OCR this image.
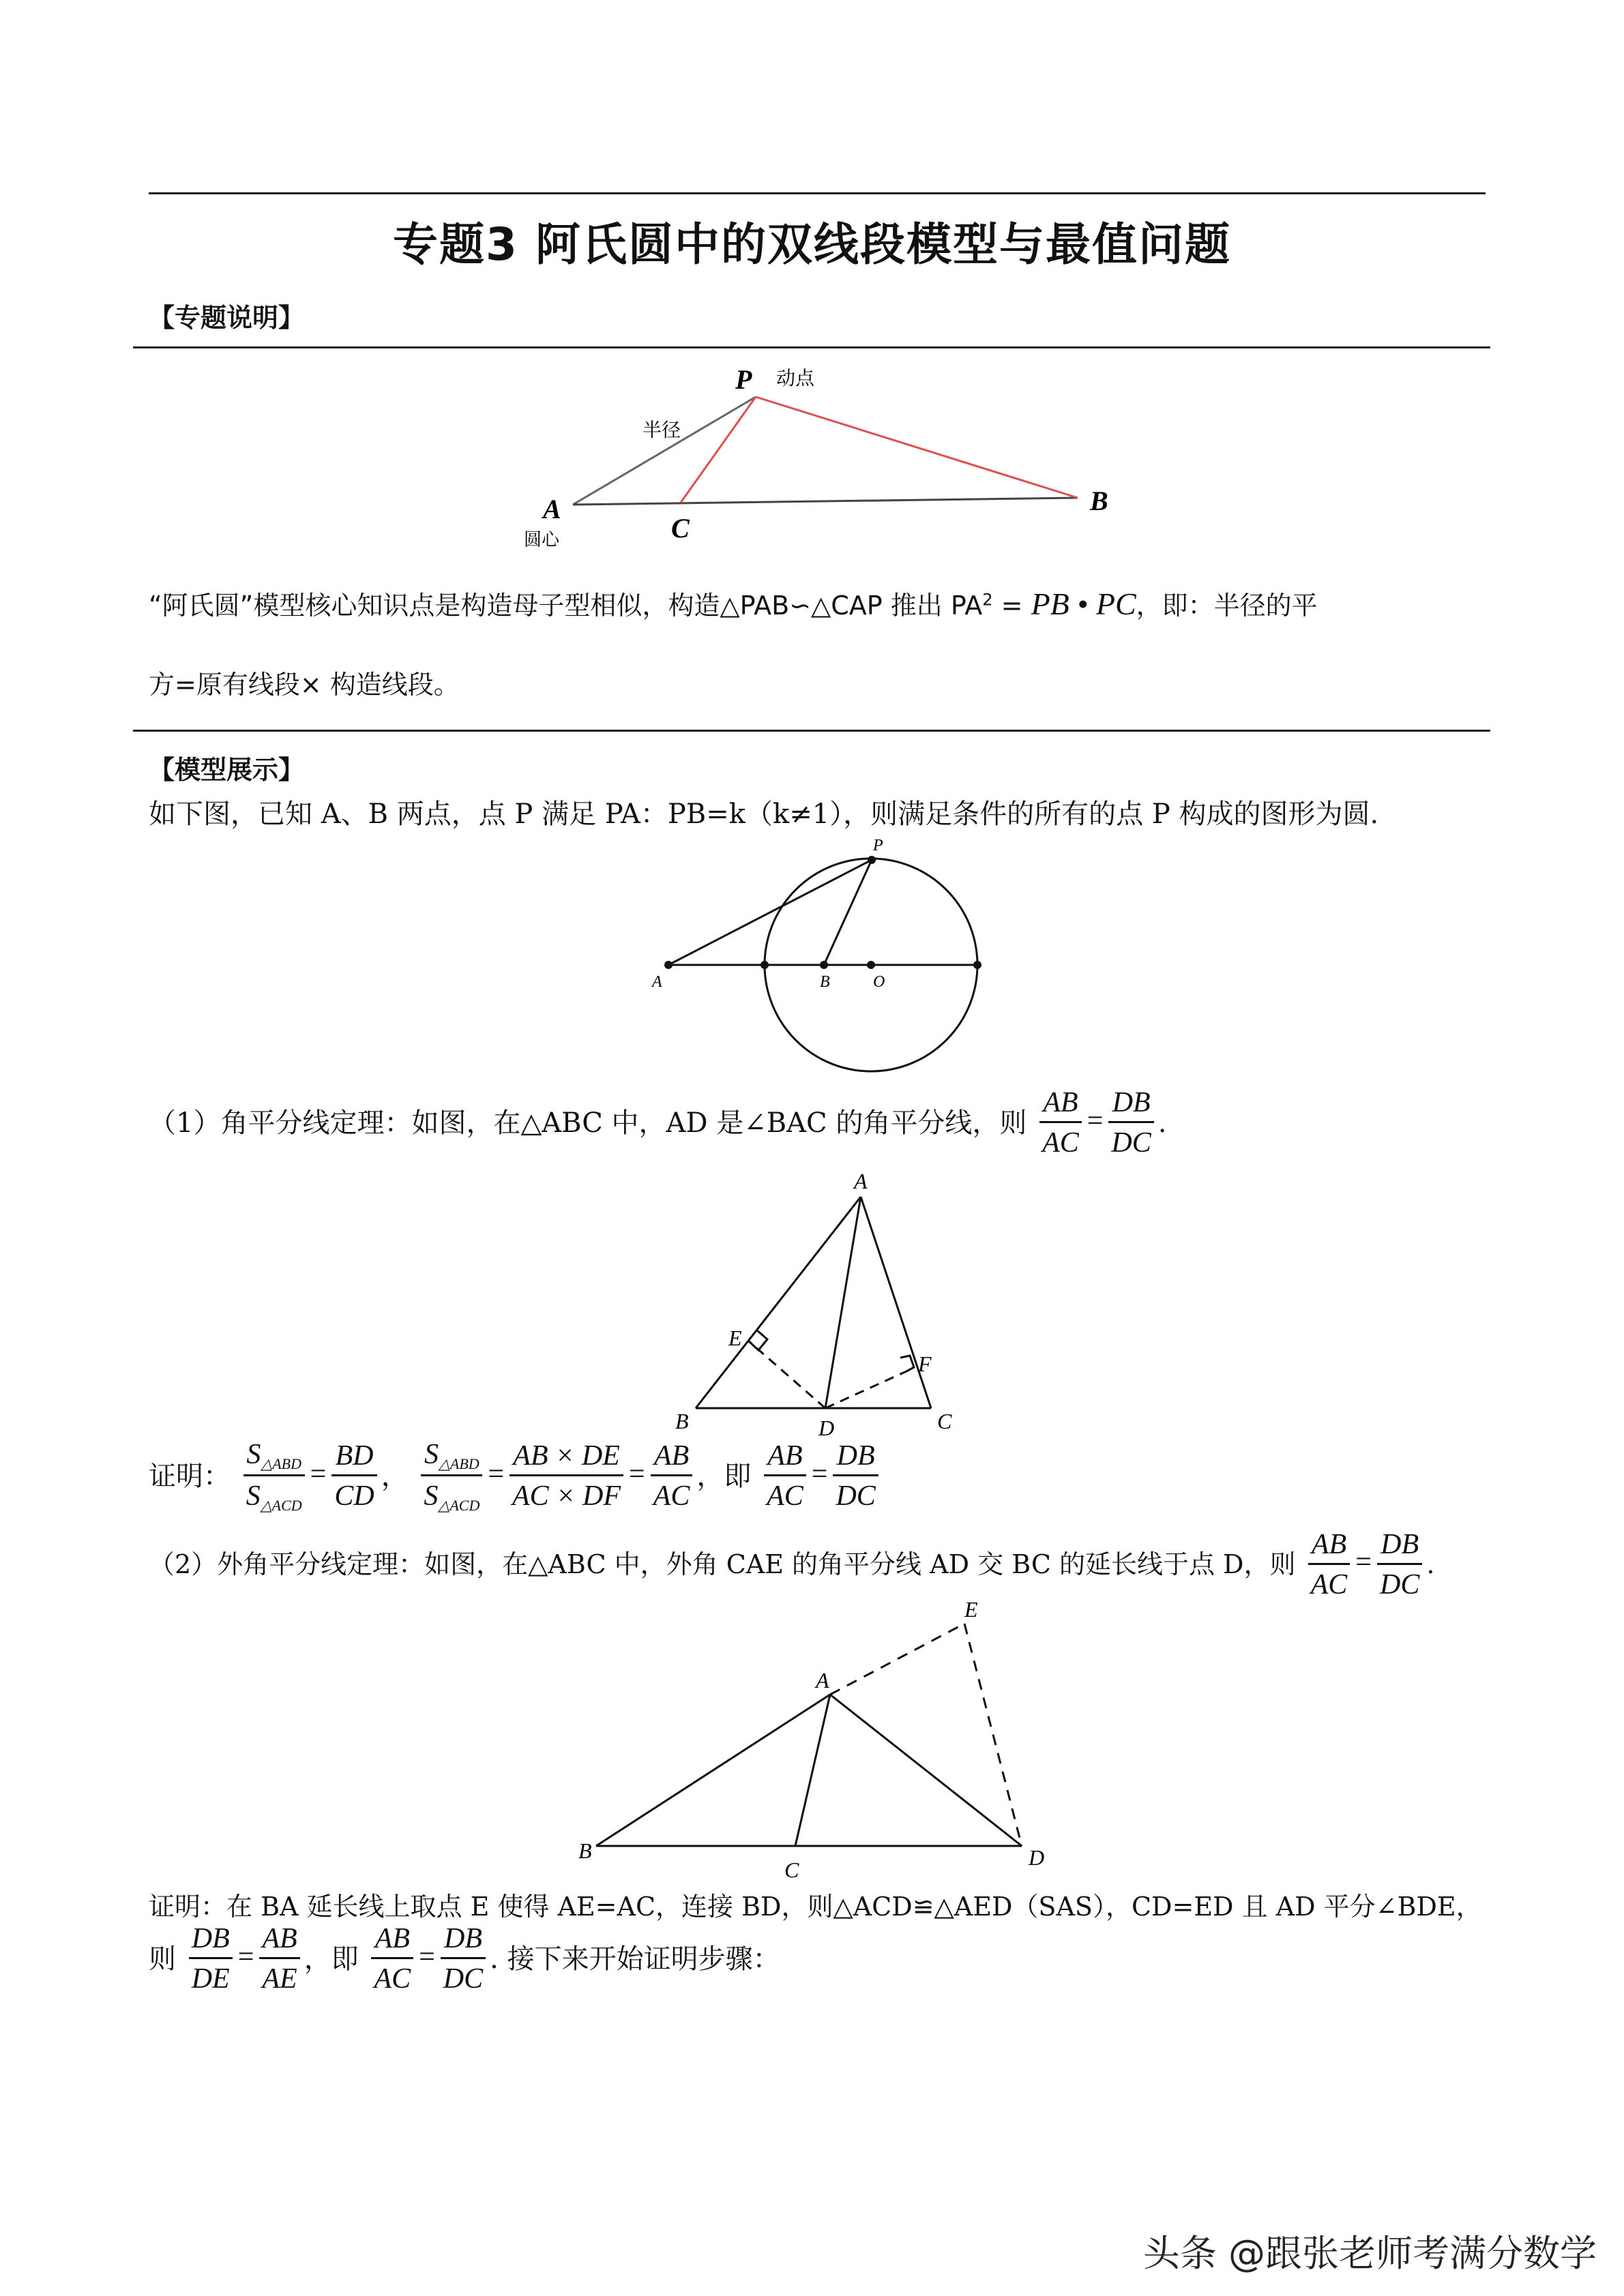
专题3 阿氏圆中的双线段模型与最值问题
【专题说明】
P 动点
半径
A
圆心	C
B
“阿氏圆”模型核心知识点是构造母子型相似，构造△PAB∽△CAP 推出 $PA^2$ = PB • PC，即：半径的平
方=原有线段× 构造线段。
【模型展示】
如下图，已知 A、B 两点，点 P 满足 PA：PB=k（k≠1），则满足条件的所有的点 P 构成的图形为圆.
P
A	B	O
（1）角平分线定理：如图，在△ABC 中，AD 是∠BAC 的角平分线，则 $\frac{AB}{AC} = \frac{DB}{DC}$ .
A
B	C
D
E
F
证明： $\frac{S_{\triangle ABD}}{S_{\triangle ACD}} = \frac{BD}{CD}$ ， $\frac{S_{\triangle ABD}}{S_{\triangle ACD}} = \frac{AB \times DE}{AC \times DF} = \frac{AB}{AC}$ ，即 $\frac{AB}{AC} = \frac{DB}{DC}$
（2）外角平分线定理：如图，在△ABC 中，外角 CAE 的角平分线 AD 交 BC 的延长线于点 D，则 $\frac{AB}{AC} = \frac{DB}{DC}$ .
E
A
B
C	D
证明：在 BA 延长线上取点 E 使得 AE=AC，连接 BD，则△ACD≌△AED（SAS），CD=ED 且 AD 平分∠BDE，
则 $\frac{DB}{DE} = \frac{AB}{AE}$ ，即 $\frac{AB}{AC} = \frac{DB}{DC}$ . 接下来开始证明步骤：
头条 @跟张老师考满分数学
